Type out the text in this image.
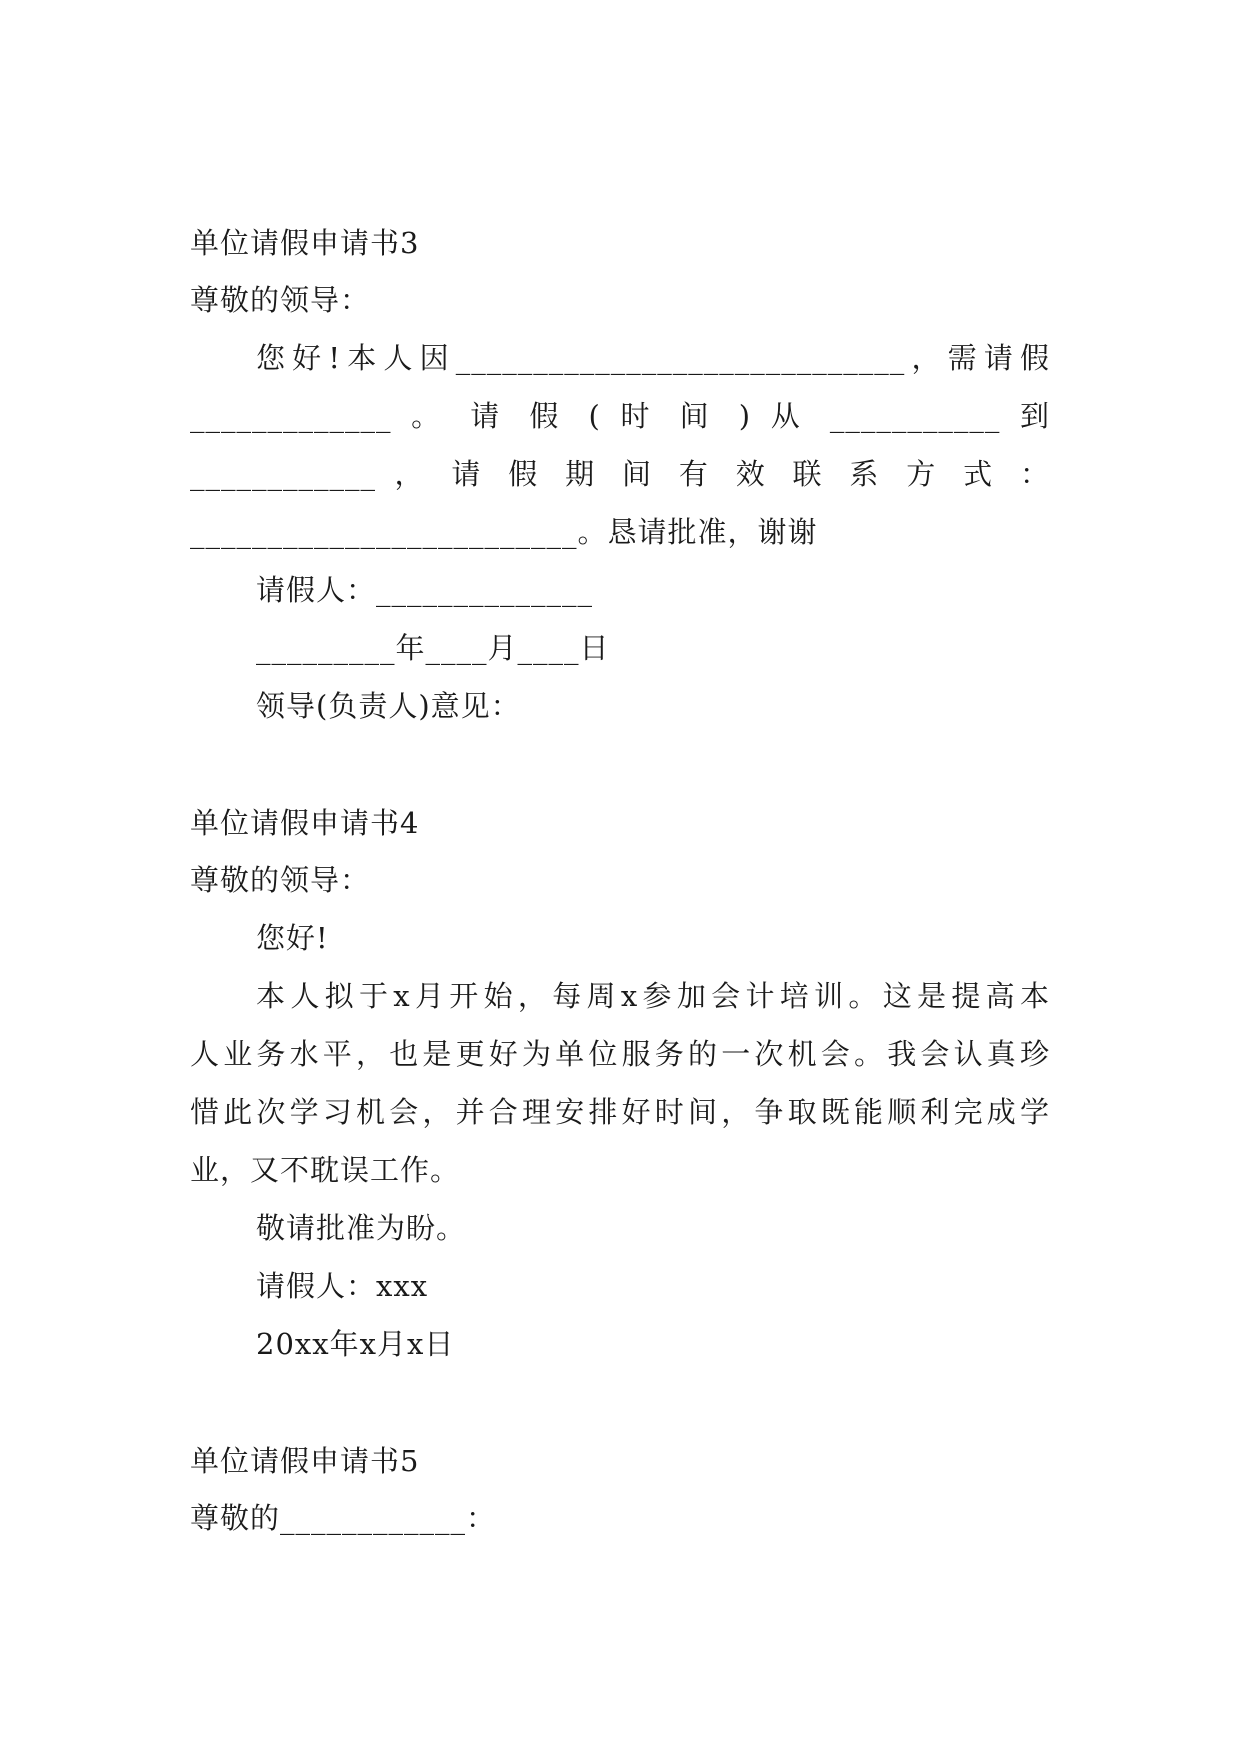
单位请假申请书3
尊敬的领导：
您好!本人因_____________________________，需请假
_____________ 。 请 假 ( 时 间 ) 从 ___________ 到
____________ ， 请 假 期 间 有 效 联 系 方 式 ：
_________________________。恳请批准，谢谢
请假人：______________
_________年____月____日
领导(负责人)意见：
单位请假申请书4
尊敬的领导：
您好!
本人拟于x月开始，每周x参加会计培训。这是提高本
人业务水平，也是更好为单位服务的一次机会。我会认真珍
惜此次学习机会，并合理安排好时间，争取既能顺利完成学
业，又不耽误工作。
敬请批准为盼。
请假人：xxx
20xx年x月x日
单位请假申请书5
尊敬的____________：
